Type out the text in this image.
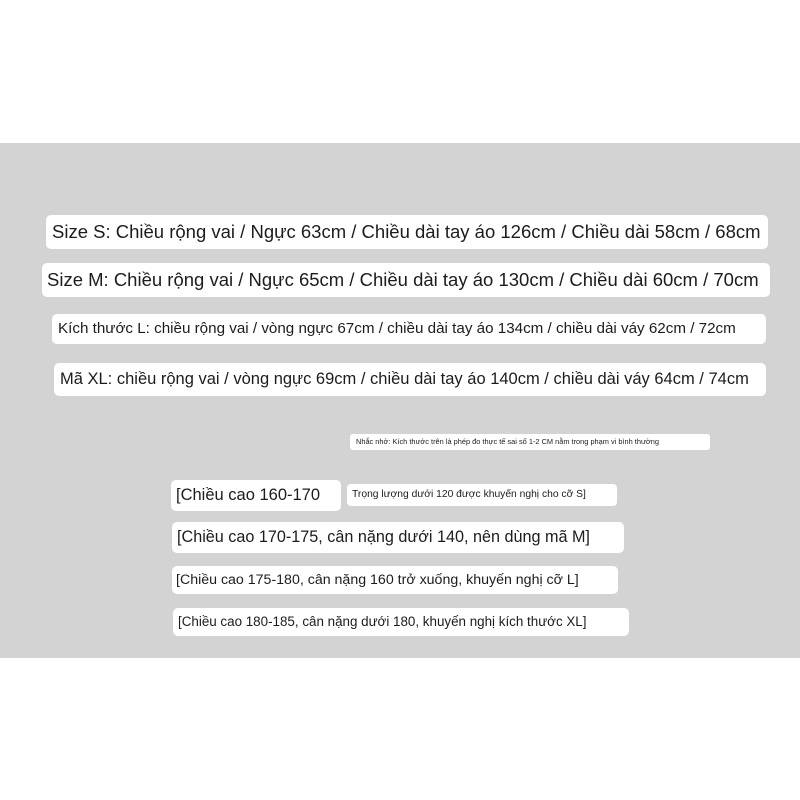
Size S: Chiều rộng vai / Ngực 63cm / Chiều dài tay áo 126cm / Chiều dài 58cm / 68cm
Size M: Chiều rộng vai / Ngực 65cm / Chiều dài tay áo 130cm / Chiều dài 60cm / 70cm
Kích thước L: chiều rộng vai / vòng ngực 67cm / chiều dài tay áo 134cm / chiều dài váy 62cm / 72cm
Mã XL: chiều rộng vai / vòng ngực 69cm / chiều dài tay áo 140cm / chiều dài váy 64cm / 74cm
Nhắc nhở: Kích thước trên là phép đo thực tế sai số 1-2 CM nằm trong phạm vi bình thường
[Chiều cao 160-170	Trọng lượng dưới 120 được khuyến nghị cho cỡ S]
[Chiều cao 170-175, cân nặng dưới 140, nên dùng mã M]
[Chiều cao 175-180, cân nặng 160 trở xuống, khuyến nghị cỡ L]
[Chiều cao 180-185, cân nặng dưới 180, khuyến nghị kích thước XL]
